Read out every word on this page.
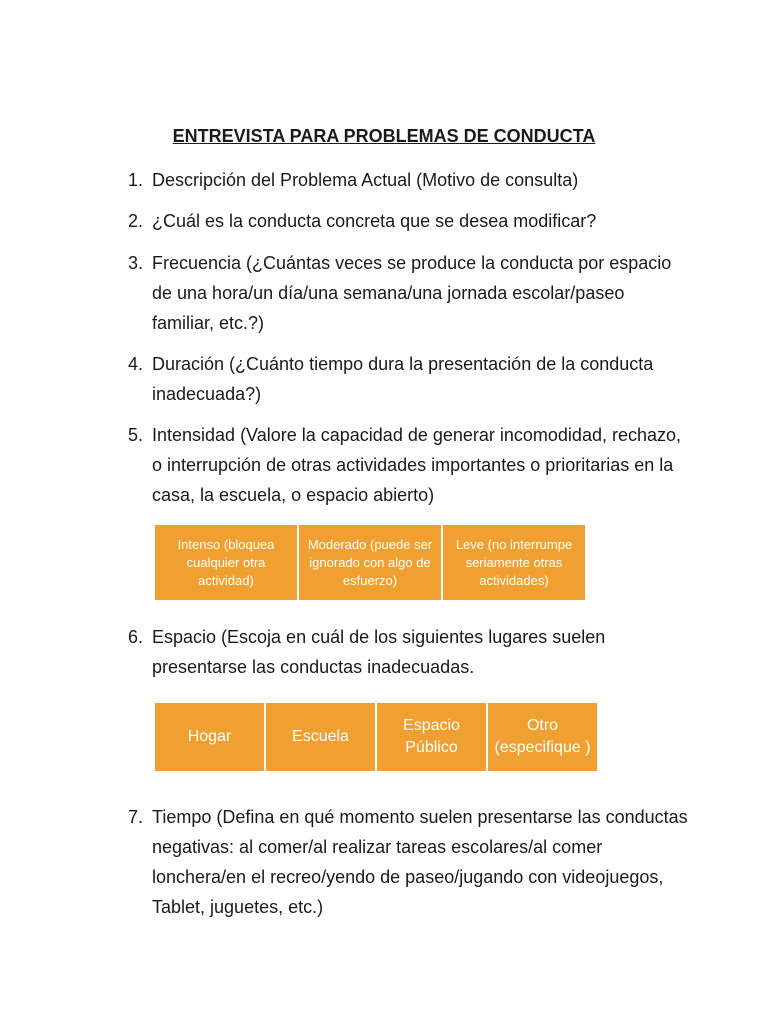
ENTREVISTA PARA PROBLEMAS DE CONDUCTA
1. Descripción del Problema Actual (Motivo de consulta)
2. ¿Cuál es la conducta concreta que se desea modificar?
3. Frecuencia (¿Cuántas veces se produce la conducta por espacio de una hora/un día/una semana/una jornada escolar/paseo familiar, etc.?)
4. Duración (¿Cuánto tiempo dura la presentación de la conducta inadecuada?)
5. Intensidad (Valore la capacidad de generar incomodidad, rechazo, o interrupción de otras actividades importantes o prioritarias en la casa, la escuela, o espacio abierto)
Intenso (bloquea cualquier otra actividad)	Moderado (puede ser ignorado con algo de esfuerzo)	Leve (no interrumpe seriamente otras actividades)
6. Espacio (Escoja en cuál de los siguientes lugares suelen presentarse las conductas inadecuadas.
Hogar	Escuela	Espacio Público	Otro (especifique )
7. Tiempo (Defina en qué momento suelen presentarse las conductas negativas: al comer/al realizar tareas escolares/al comer lonchera/en el recreo/yendo de paseo/jugando con videojuegos, Tablet, juguetes, etc.)
